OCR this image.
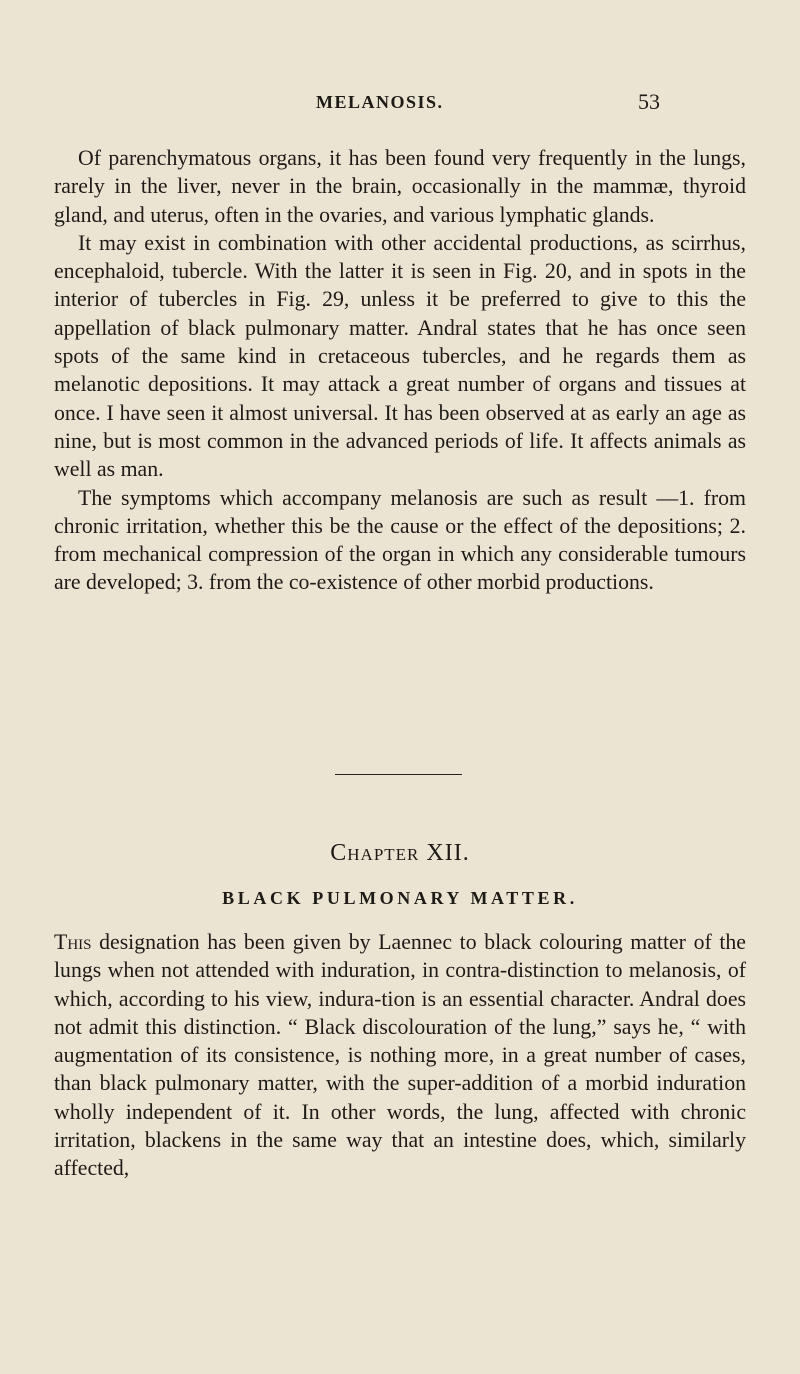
MELANOSIS.	53

Of parenchymatous organs, it has been found very frequently in the lungs, rarely in the liver, never in the brain, occasionally in the mammæ, thyroid gland, and uterus, often in the ovaries, and various lymphatic glands.

It may exist in combination with other accidental productions, as scirrhus, encephaloid, tubercle. With the latter it is seen in Fig. 20, and in spots in the interior of tubercles in Fig. 29, unless it be preferred to give to this the appellation of black pulmonary matter. Andral states that he has once seen spots of the same kind in cretaceous tubercles, and he regards them as melanotic depositions. It may attack a great number of organs and tissues at once. I have seen it almost universal. It has been observed at as early an age as nine, but is most common in the advanced periods of life. It affects animals as well as man.

The symptoms which accompany melanosis are such as result —1. from chronic irritation, whether this be the cause or the effect of the depositions; 2. from mechanical compression of the organ in which any considerable tumours are developed; 3. from the co-existence of other morbid productions.

Chapter XII.
BLACK PULMONARY MATTER.

This designation has been given by Laennec to black colouring matter of the lungs when not attended with induration, in contra-distinction to melanosis, of which, according to his view, indura-tion is an essential character. Andral does not admit this distinction. “ Black discolouration of the lung,” says he, “ with augmentation of its consistence, is nothing more, in a great number of cases, than black pulmonary matter, with the super-addition of a morbid induration wholly independent of it. In other words, the lung, affected with chronic irritation, blackens in the same way that an intestine does, which, similarly affected,
